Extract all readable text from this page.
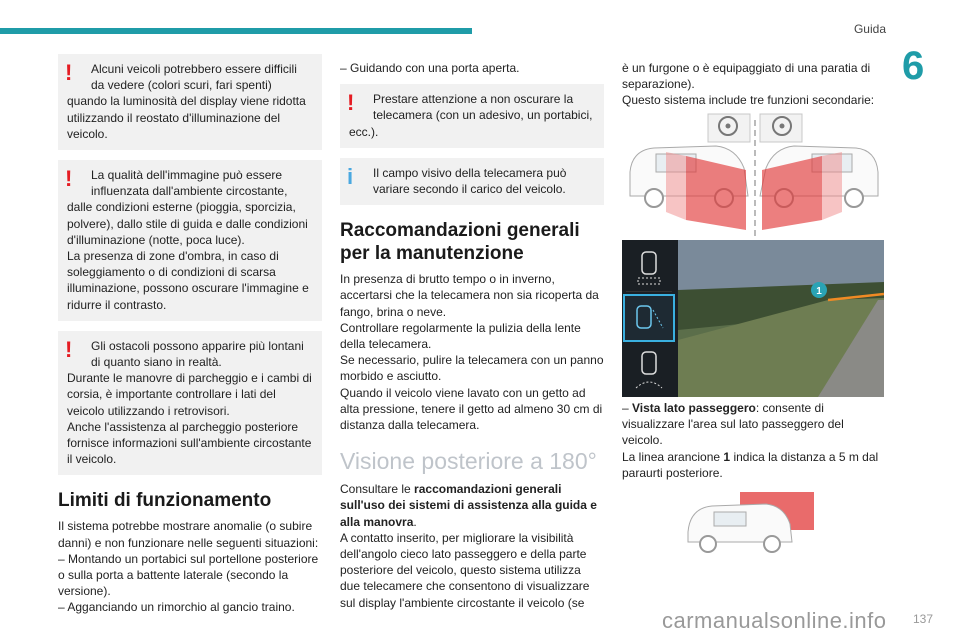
Guida
6
!	Alcuni veicoli potrebbero essere difficili

da vedere (colori scuri, fari spenti) quando la luminosità del display viene ridotta utilizzando il reostato d'illuminazione del veicolo.

!	La qualità dell'immagine può essere

influenzata dall'ambiente circostante, dalle condizioni esterne (pioggia, sporcizia, polvere), dallo stile di guida e dalle condizioni d'illuminazione (notte, poca luce).

La presenza di zone d'ombra, in caso di soleggiamento o di condizioni di scarsa illuminazione, possono oscurare l'immagine e ridurre il contrasto.

!	Gli ostacoli possono apparire più lontani

di quanto siano in realtà.

Durante le manovre di parcheggio e i cambi di corsia, è importante controllare i lati del veicolo utilizzando i retrovisori.

Anche l'assistenza al parcheggio posteriore fornisce informazioni sull'ambiente circostante il veicolo.

Limiti di funzionamento

Il sistema potrebbe mostrare anomalie (o subire danni) e non funzionare nelle seguenti situazioni:

– Montando un portabici sul portellone posteriore o sulla porta a battente laterale (secondo la versione).

– Agganciando un rimorchio al gancio traino.

– Guidando con una porta aperta.

!	Prestare attenzione a non oscurare la

telecamera (con un adesivo, un portabici, ecc.).

i	Il campo visivo della telecamera può

variare secondo il carico del veicolo.

Raccomandazioni generali per la manutenzione

In presenza di brutto tempo o in inverno, accertarsi che la telecamera non sia ricoperta da fango, brina o neve.

Controllare regolarmente la pulizia della lente della telecamera.

Se necessario, pulire la telecamera con un panno morbido e asciutto.

Quando il veicolo viene lavato con un getto ad alta pressione, tenere il getto ad almeno 30 cm di distanza dalla telecamera.

Visione posteriore a 180°

Consultare le raccomandazioni generali sull'uso dei sistemi di assistenza alla guida e alla manovra.

A contatto inserito, per migliorare la visibilità dell'angolo cieco lato passeggero e della parte posteriore del veicolo, questo sistema utilizza due telecamere che consentono di visualizzare sul display l'ambiente circostante il veicolo (se

è un furgone o è equipaggiato di una paratia di separazione).

Questo sistema include tre funzioni secondarie:

1

– Vista lato passeggero: consente di visualizzare l'area sul lato passeggero del veicolo.

La linea arancione 1 indica la distanza a 5 m dal paraurti posteriore.

carmanualsonline.info 137
